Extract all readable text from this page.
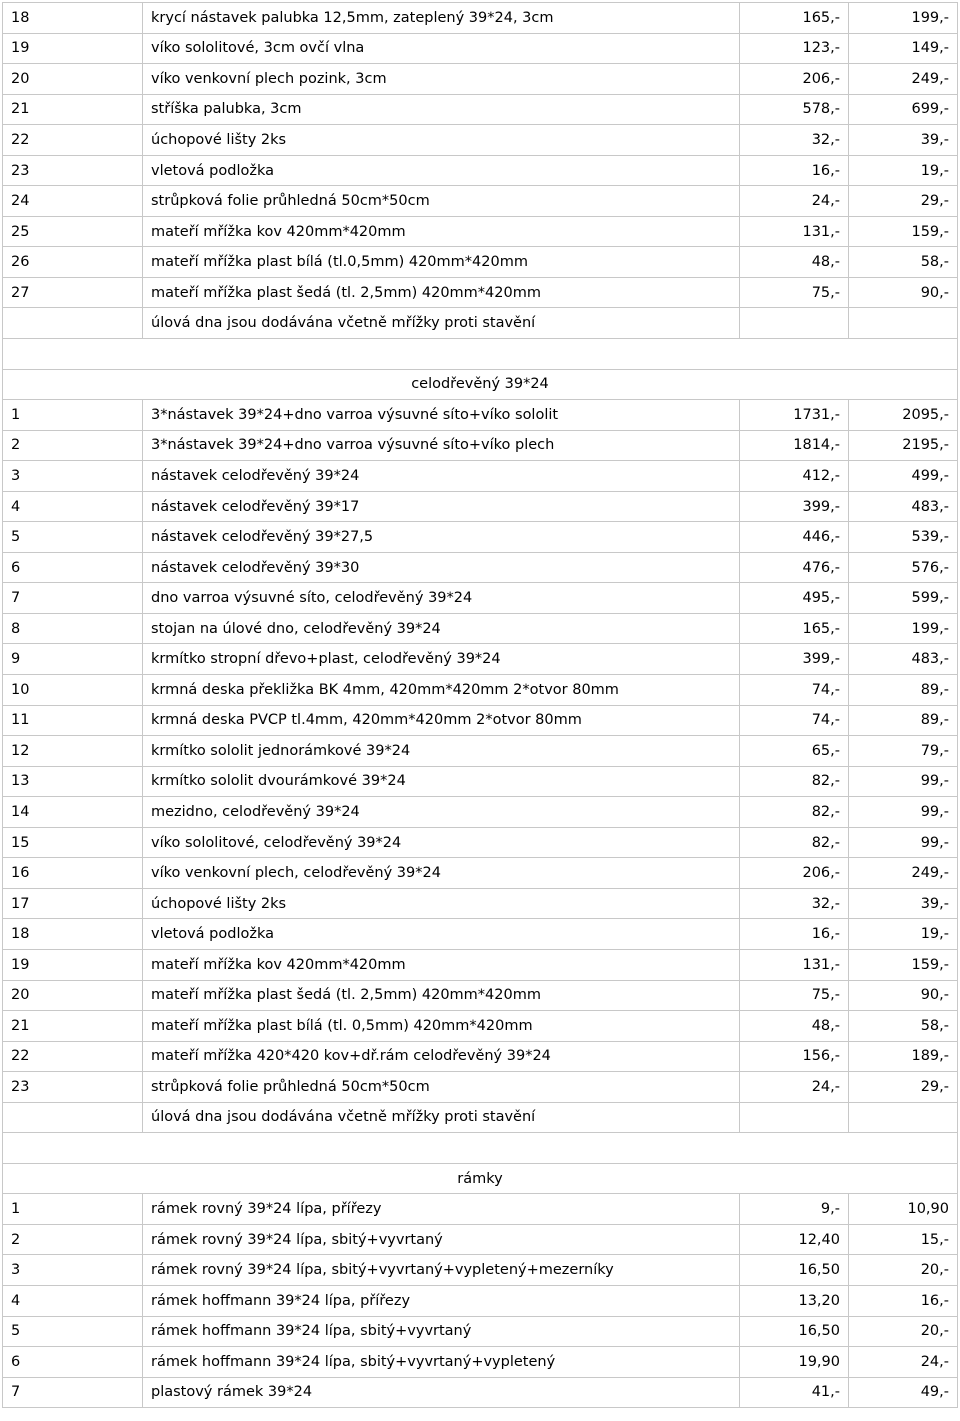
18	krycí nástavek palubka 12,5mm, zateplený 39*24, 3cm	165,-	199,-
19	víko sololitové, 3cm ovčí vlna	123,-	149,-
20	víko venkovní plech pozink, 3cm	206,-	249,-
21	stříška palubka, 3cm	578,-	699,-
22	úchopové lišty 2ks	32,-	39,-
23	vletová podložka	16,-	19,-
24	strůpková folie průhledná 50cm*50cm	24,-	29,-
25	mateří mřížka kov 420mm*420mm	131,-	159,-
26	mateří mřížka plast bílá (tl.0,5mm) 420mm*420mm	48,-	58,-
27	mateří mřížka plast šedá (tl. 2,5mm) 420mm*420mm	75,-	90,-
	úlová dna jsou dodávána včetně mřížky proti stavění		

celodřevěný 39*24			
1	3*nástavek 39*24+dno varroa výsuvné síto+víko sololit	1731,-	2095,-
2	3*nástavek 39*24+dno varroa výsuvné síto+víko plech	1814,-	2195,-
3	nástavek celodřevěný 39*24	412,-	499,-
4	nástavek celodřevěný 39*17	399,-	483,-
5	nástavek celodřevěný 39*27,5	446,-	539,-
6	nástavek celodřevěný 39*30	476,-	576,-
7	dno varroa výsuvné síto, celodřevěný 39*24	495,-	599,-
8	stojan na úlové dno, celodřevěný 39*24	165,-	199,-
9	krmítko stropní dřevo+plast, celodřevěný 39*24	399,-	483,-
10	krmná deska překližka BK 4mm, 420mm*420mm 2*otvor 80mm	74,-	89,-
11	krmná deska PVCP tl.4mm, 420mm*420mm 2*otvor 80mm	74,-	89,-
12	krmítko sololit jednorámkové 39*24	65,-	79,-
13	krmítko sololit dvourámkové 39*24	82,-	99,-
14	mezidno, celodřevěný 39*24	82,-	99,-
15	víko sololitové, celodřevěný 39*24	82,-	99,-
16	víko venkovní plech, celodřevěný 39*24	206,-	249,-
17	úchopové lišty 2ks	32,-	39,-
18	vletová podložka	16,-	19,-
19	mateří mřížka kov 420mm*420mm	131,-	159,-
20	mateří mřížka plast šedá (tl. 2,5mm) 420mm*420mm	75,-	90,-
21	mateří mřížka plast bílá (tl. 0,5mm) 420mm*420mm	48,-	58,-
22	mateří mřížka 420*420 kov+dř.rám celodřevěný 39*24	156,-	189,-
23	strůpková folie průhledná 50cm*50cm	24,-	29,-
	úlová dna jsou dodávána včetně mřížky proti stavění		

rámky			
1	rámek rovný 39*24 lípa, přířezy	9,-	10,90
2	rámek rovný 39*24 lípa, sbitý+vyvrtaný	12,40	15,-
3	rámek rovný 39*24 lípa, sbitý+vyvrtaný+vypletený+mezerníky	16,50	20,-
4	rámek hoffmann 39*24 lípa, přířezy	13,20	16,-
5	rámek hoffmann 39*24 lípa, sbitý+vyvrtaný	16,50	20,-
6	rámek hoffmann 39*24 lípa, sbitý+vyvrtaný+vypletený	19,90	24,-
7	plastový rámek 39*24	41,-	49,-
